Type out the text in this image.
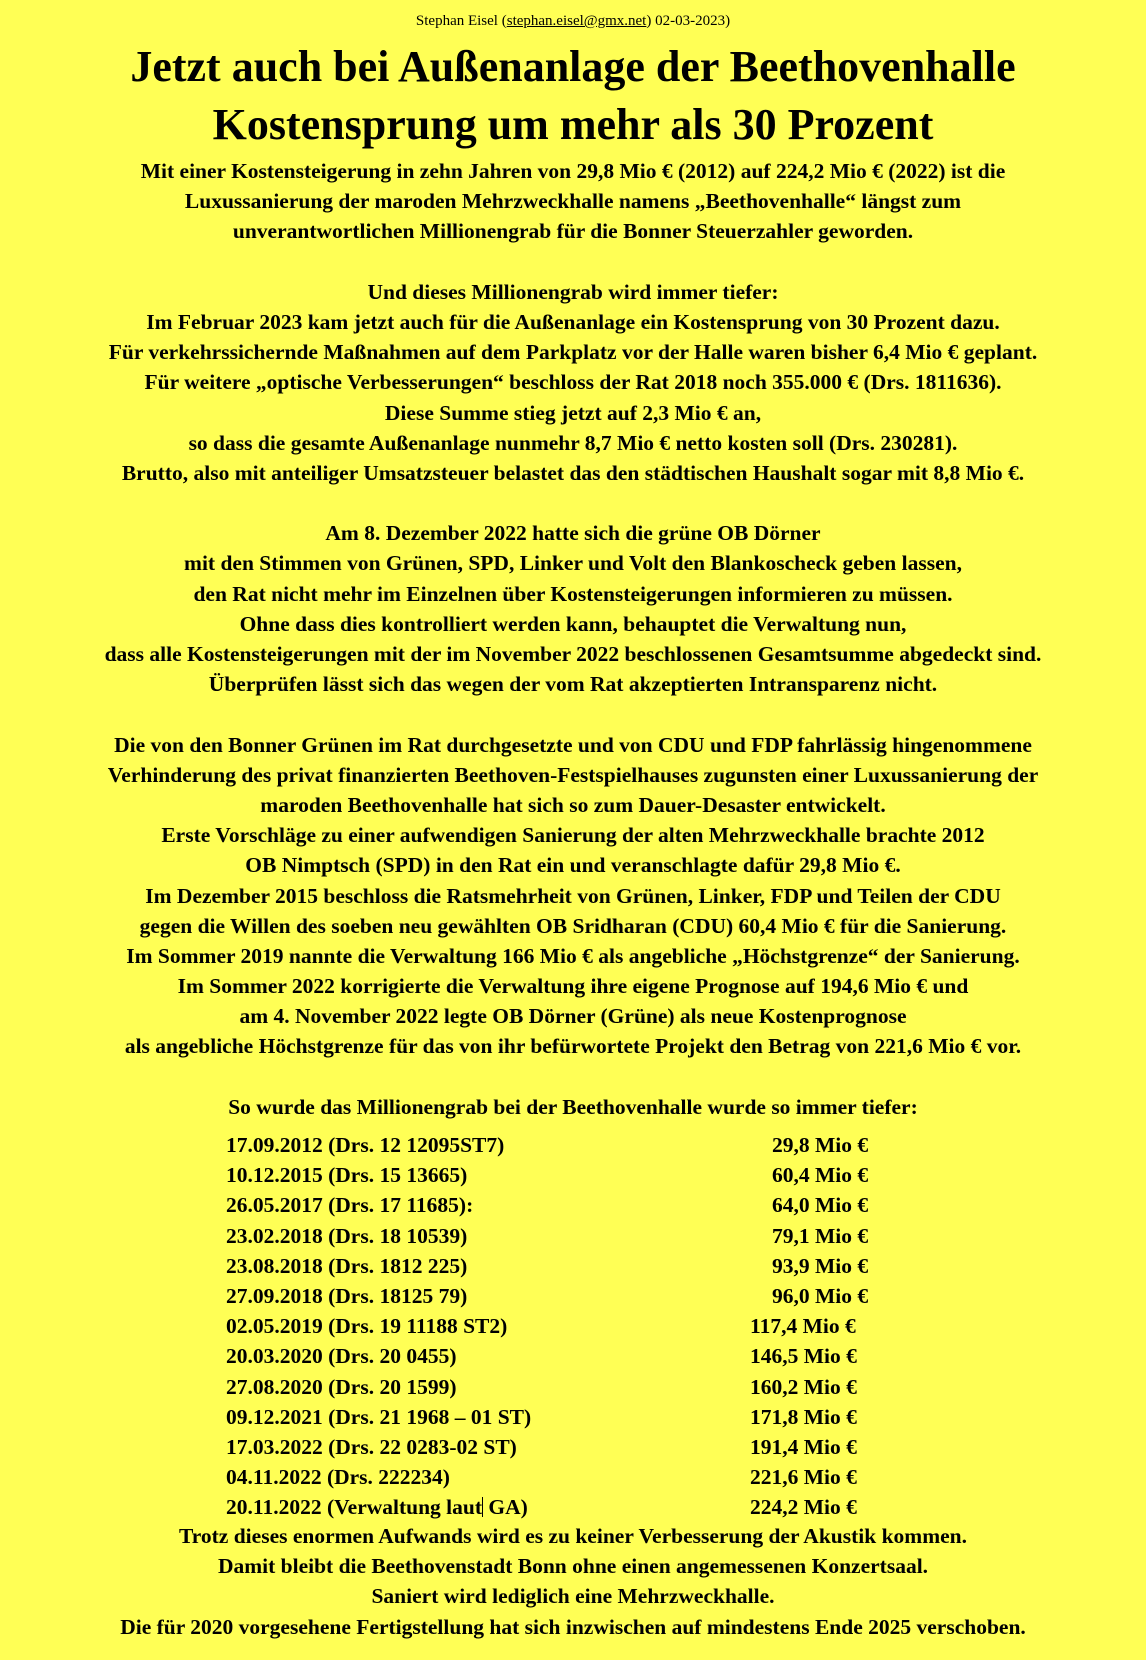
Stephan Eisel (stephan.eisel@gmx.net) 02-03-2023)
Jetzt auch bei Außenanlage der Beethovenhalle
Kostensprung um mehr als 30 Prozent
Mit einer Kostensteigerung in zehn Jahren von 29,8 Mio € (2012) auf 224,2 Mio € (2022) ist die
Luxussanierung der maroden Mehrzweckhalle namens „Beethovenhalle“ längst zum
unverantwortlichen Millionengrab für die Bonner Steuerzahler geworden.
Und dieses Millionengrab wird immer tiefer:
Im Februar 2023 kam jetzt auch für die Außenanlage ein Kostensprung von 30 Prozent dazu.
Für verkehrssichernde Maßnahmen auf dem Parkplatz vor der Halle waren bisher 6,4 Mio € geplant.
Für weitere „optische Verbesserungen“ beschloss der Rat 2018 noch 355.000 € (Drs. 1811636).
Diese Summe stieg jetzt auf 2,3 Mio € an,
so dass die gesamte Außenanlage nunmehr 8,7 Mio € netto kosten soll (Drs. 230281).
Brutto, also mit anteiliger Umsatzsteuer belastet das den städtischen Haushalt sogar mit 8,8 Mio €.
Am 8. Dezember 2022 hatte sich die grüne OB Dörner
mit den Stimmen von Grünen, SPD, Linker und Volt den Blankoscheck geben lassen,
den Rat nicht mehr im Einzelnen über Kostensteigerungen informieren zu müssen.
Ohne dass dies kontrolliert werden kann, behauptet die Verwaltung nun,
dass alle Kostensteigerungen mit der im November 2022 beschlossenen Gesamtsumme abgedeckt sind.
Überprüfen lässt sich das wegen der vom Rat akzeptierten Intransparenz nicht.
Die von den Bonner Grünen im Rat durchgesetzte und von CDU und FDP fahrlässig hingenommene
Verhinderung des privat finanzierten Beethoven-Festspielhauses zugunsten einer Luxussanierung der
maroden Beethovenhalle hat sich so zum Dauer-Desaster entwickelt.
Erste Vorschläge zu einer aufwendigen Sanierung der alten Mehrzweckhalle brachte 2012
OB Nimptsch (SPD) in den Rat ein und veranschlagte dafür 29,8 Mio €.
Im Dezember 2015 beschloss die Ratsmehrheit von Grünen, Linker, FDP und Teilen der CDU
gegen die Willen des soeben neu gewählten OB Sridharan (CDU) 60,4 Mio € für die Sanierung.
Im Sommer 2019 nannte die Verwaltung 166 Mio € als angebliche „Höchstgrenze“ der Sanierung.
Im Sommer 2022 korrigierte die Verwaltung ihre eigene Prognose auf 194,6 Mio € und
am 4. November 2022 legte OB Dörner (Grüne) als neue Kostenprognose
als angebliche Höchstgrenze für das von ihr befürwortete Projekt den Betrag von 221,6 Mio € vor.
So wurde das Millionengrab bei der Beethovenhalle wurde so immer tiefer:
17.09.2012 (Drs. 12 12095ST7)	29,8 Mio €
10.12.2015 (Drs. 15 13665)	60,4 Mio €
26.05.2017 (Drs. 17 11685):	64,0 Mio €
23.02.2018 (Drs. 18 10539)	79,1 Mio €
23.08.2018 (Drs. 1812 225)	93,9 Mio €
27.09.2018 (Drs. 18125 79)	96,0 Mio €
02.05.2019 (Drs. 19 11188 ST2)	117,4 Mio €
20.03.2020 (Drs. 20 0455)	146,5 Mio €
27.08.2020 (Drs. 20 1599)	160,2 Mio €
09.12.2021 (Drs. 21 1968 – 01 ST)	171,8 Mio €
17.03.2022 (Drs. 22 0283-02 ST)	191,4 Mio €
04.11.2022 (Drs. 222234)	221,6 Mio €
20.11.2022 (Verwaltung laut GA)	224,2 Mio €
Trotz dieses enormen Aufwands wird es zu keiner Verbesserung der Akustik kommen.
Damit bleibt die Beethovenstadt Bonn ohne einen angemessenen Konzertsaal.
Saniert wird lediglich eine Mehrzweckhalle.
Die für 2020 vorgesehene Fertigstellung hat sich inzwischen auf mindestens Ende 2025 verschoben.
